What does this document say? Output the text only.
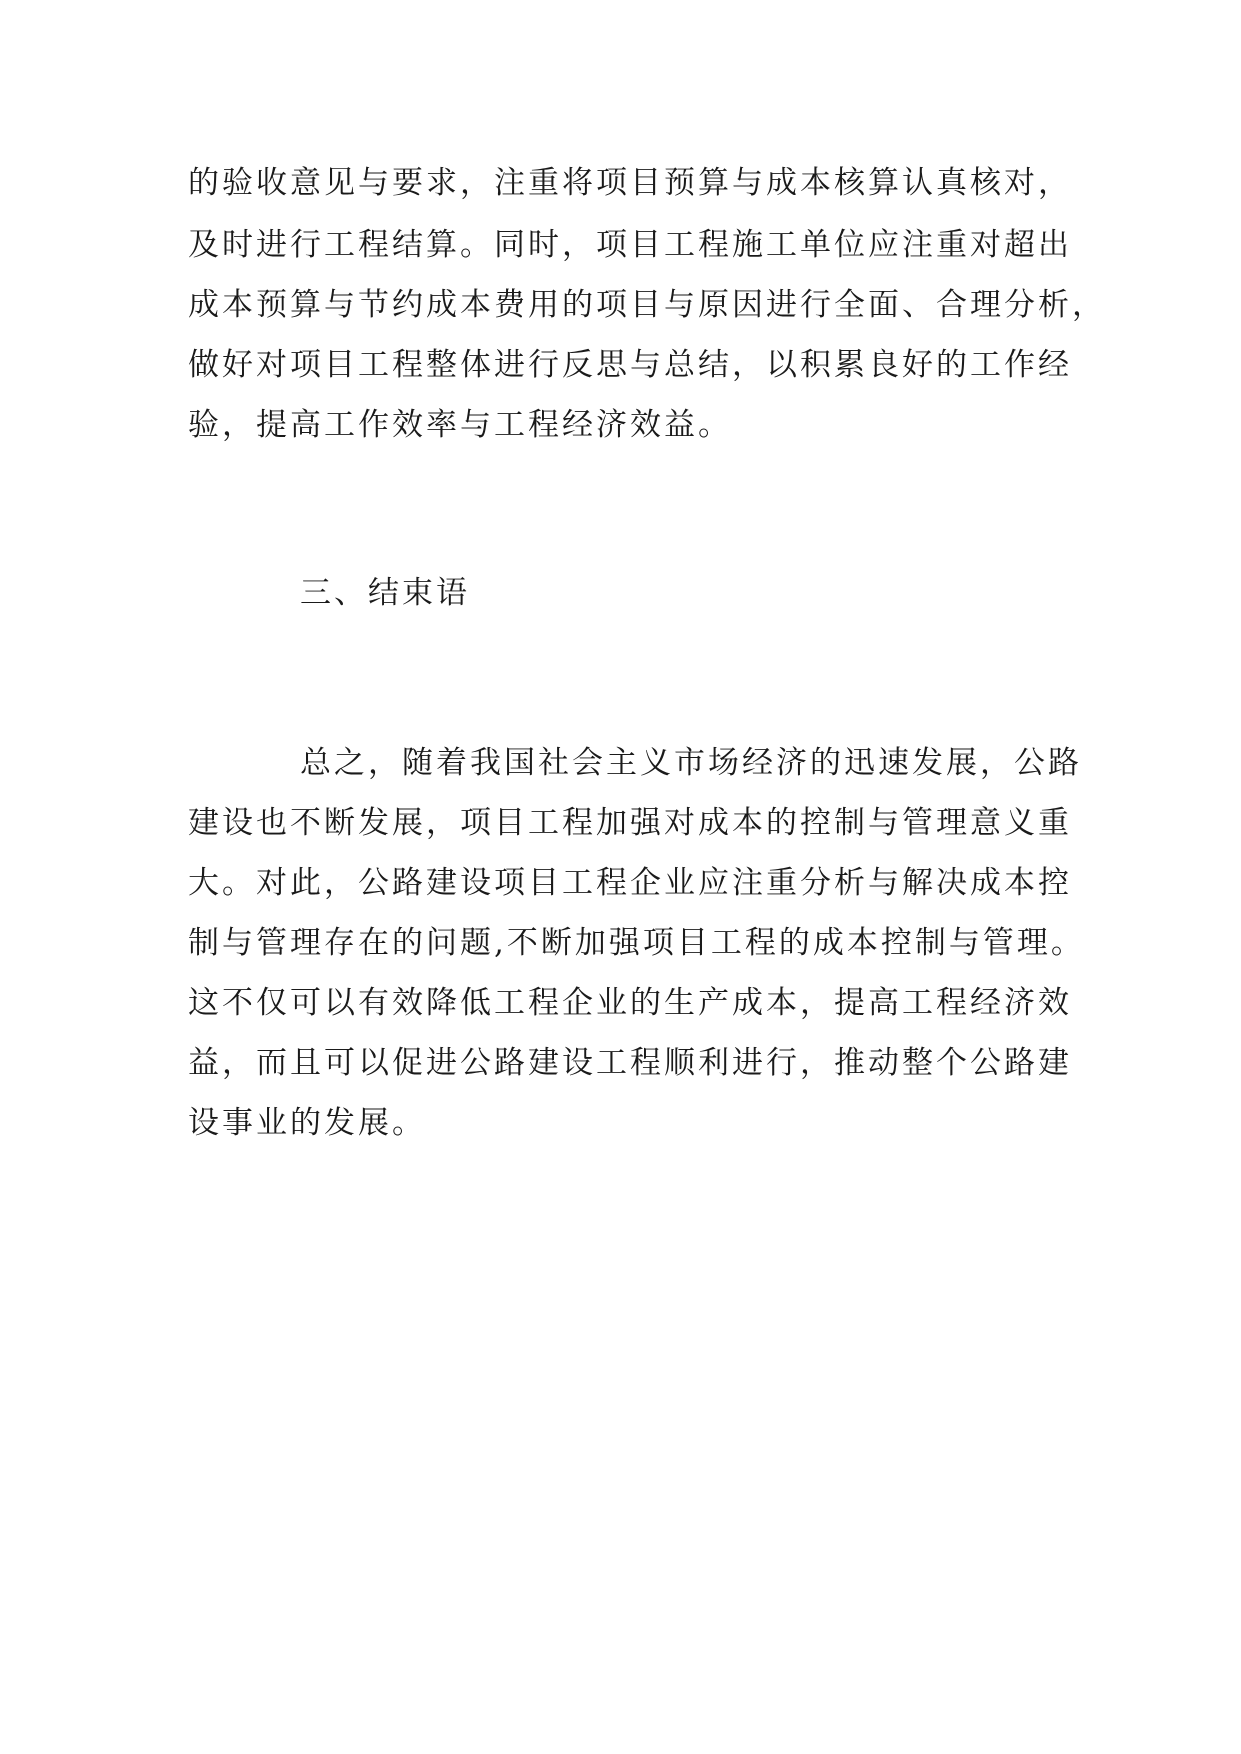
的验收意见与要求，注重将项目预算与成本核算认真核对，
及时进行工程结算。同时，项目工程施工单位应注重对超出
成本预算与节约成本费用的项目与原因进行全面、合理分析，
做好对项目工程整体进行反思与总结，以积累良好的工作经
验，提高工作效率与工程经济效益。
三、结束语
总之，随着我国社会主义市场经济的迅速发展，公路
建设也不断发展，项目工程加强对成本的控制与管理意义重
大。对此，公路建设项目工程企业应注重分析与解决成本控
制与管理存在的问题,不断加强项目工程的成本控制与管理。
这不仅可以有效降低工程企业的生产成本，提高工程经济效
益，而且可以促进公路建设工程顺利进行，推动整个公路建
设事业的发展。
